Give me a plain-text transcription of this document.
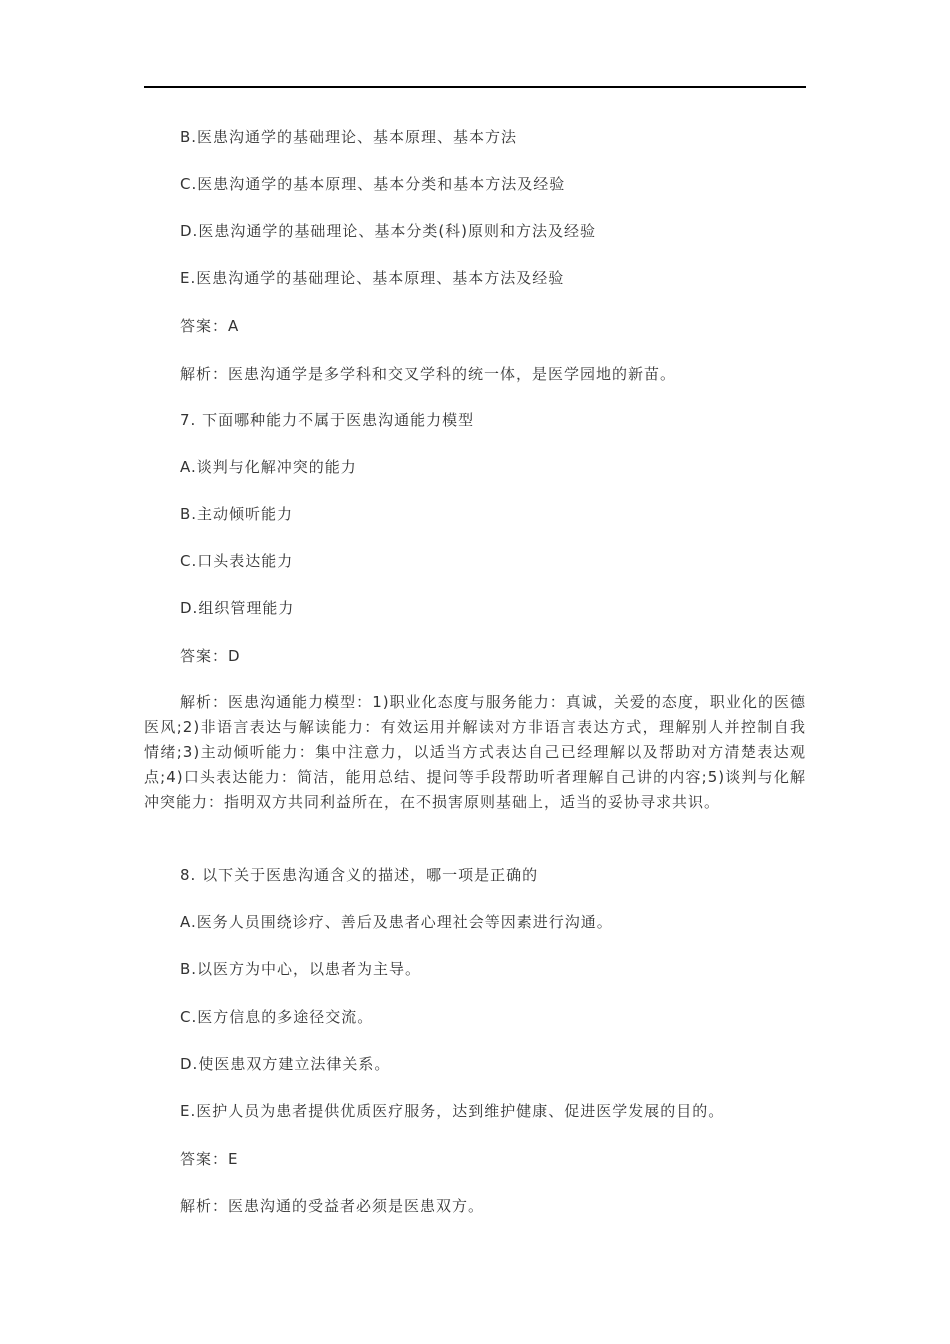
B.医患沟通学的基础理论、基本原理、基本方法
C.医患沟通学的基本原理、基本分类和基本方法及经验
D.医患沟通学的基础理论、基本分类(科)原则和方法及经验
E.医患沟通学的基础理论、基本原理、基本方法及经验
答案：A
解析：医患沟通学是多学科和交叉学科的统一体，是医学园地的新苗。
7. 下面哪种能力不属于医患沟通能力模型
A.谈判与化解冲突的能力
B.主动倾听能力
C.口头表达能力
D.组织管理能力
答案：D
解析：医患沟通能力模型：1)职业化态度与服务能力：真诚，关爱的态度，职业化的医德医风;2)非语言表达与解读能力：有效运用并解读对方非语言表达方式，理解别人并控制自我情绪;3)主动倾听能力：集中注意力，以适当方式表达自己已经理解以及帮助对方清楚表达观点;4)口头表达能力：简洁，能用总结、提问等手段帮助听者理解自己讲的内容;5)谈判与化解冲突能力：指明双方共同利益所在，在不损害原则基础上，适当的妥协寻求共识。
8. 以下关于医患沟通含义的描述，哪一项是正确的
A.医务人员围绕诊疗、善后及患者心理社会等因素进行沟通。
B.以医方为中心，以患者为主导。
C.医方信息的多途径交流。
D.使医患双方建立法律关系。
E.医护人员为患者提供优质医疗服务，达到维护健康、促进医学发展的目的。
答案：E
解析：医患沟通的受益者必须是医患双方。
